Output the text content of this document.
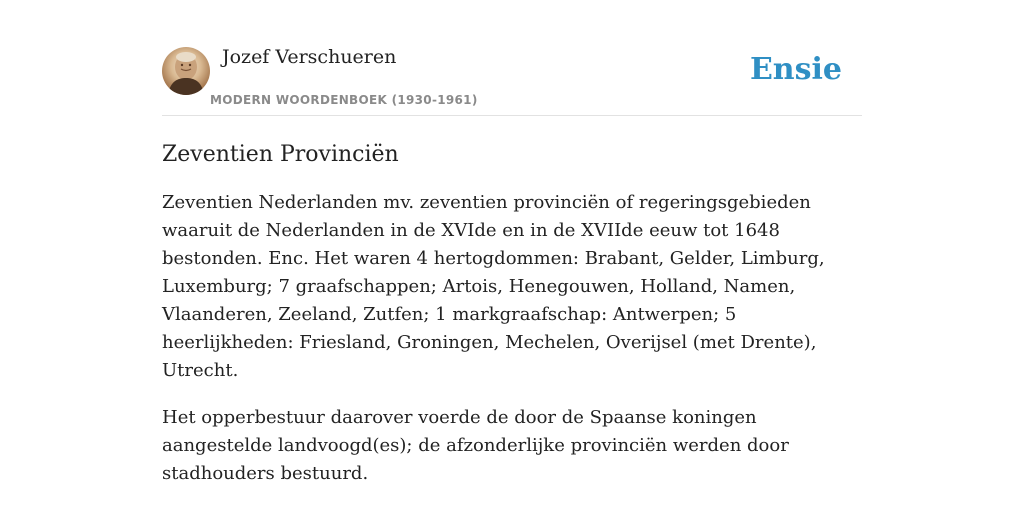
Jozef Verschueren
MODERN WOORDENBOEK (1930-1961)
Ensie
Zeventien Provinciën

Zeventien Nederlanden mv. zeventien provinciën of regeringsgebieden waaruit de Nederlanden in de XVIde en in de XVIIde eeuw tot 1648 bestonden. Enc. Het waren 4 hertogdommen: Brabant, Gelder, Limburg, Luxemburg; 7 graafschappen; Artois, Henegouwen, Holland, Namen, Vlaanderen, Zeeland, Zutfen; 1 markgraafschap: Antwerpen; 5 heerlijkheden: Friesland, Groningen, Mechelen, Overijsel (met Drente), Utrecht.

Het opperbestuur daarover voerde de door de Spaanse koningen aangestelde landvoogd(es); de afzonderlijke provinciën werden door stadhouders bestuurd.
